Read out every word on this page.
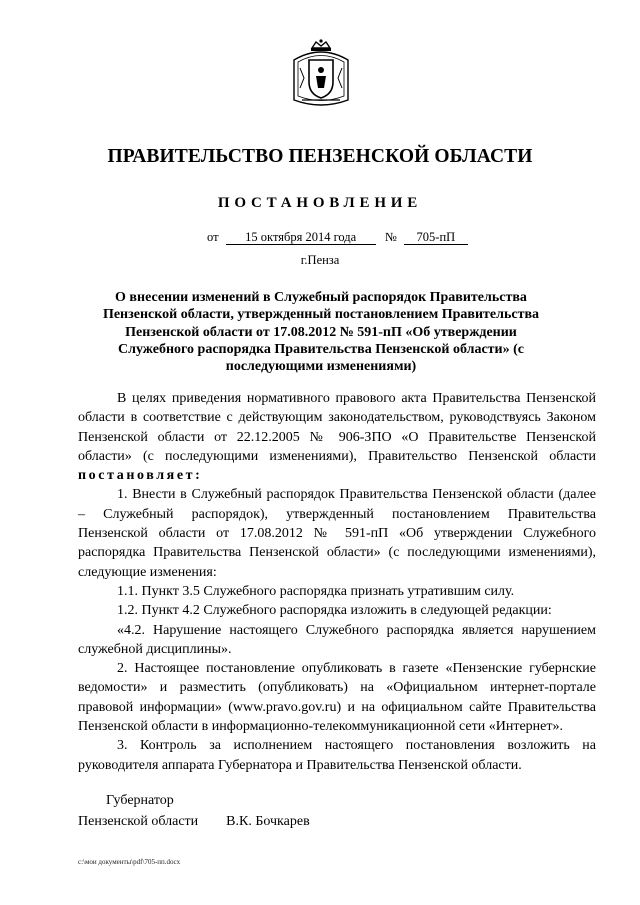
ПРАВИТЕЛЬСТВО ПЕНЗЕНСКОЙ ОБЛАСТИ
ПОСТАНОВЛЕНИЕ
от 15 октября 2014 года № 705-пП
г.Пенза
О внесении изменений в Служебный распорядок Правительства Пензенской области, утвержденный постановлением Правительства Пензенской области от 17.08.2012 № 591-пП «Об утверждении Служебного распорядка Правительства Пензенской области» (с последующими изменениями)

В целях приведения нормативного правового акта Правительства Пензенской области в соответствие с действующим законодательством, руководствуясь Законом Пензенской области от 22.12.2005 № 906-ЗПО «О Правительстве Пензенской области» (с последующими изменениями), Правительство Пензенской области постановляет:

1. Внести в Служебный распорядок Правительства Пензенской области (далее – Служебный распорядок), утвержденный постановлением Правительства Пензенской области от 17.08.2012 № 591-пП «Об утверждении Служебного распорядка Правительства Пензенской области» (с последующими изменениями), следующие изменения:

1.1. Пункт 3.5 Служебного распорядка признать утратившим силу.

1.2. Пункт 4.2 Служебного распорядка изложить в следующей редакции:

«4.2. Нарушение настоящего Служебного распорядка является нарушением служебной дисциплины».

2. Настоящее постановление опубликовать в газете «Пензенские губернские ведомости» и разместить (опубликовать) на «Официальном интернет-портале правовой информации» (www.pravo.gov.ru) и на официальном сайте Правительства Пензенской области в информационно-телекоммуникационной сети «Интернет».

3. Контроль за исполнением настоящего постановления возложить на руководителя аппарата Губернатора и Правительства Пензенской области.

Губернатор
Пензенской области В.К. Бочкарев
c:\мои документы\pdf\705-пп.docx
